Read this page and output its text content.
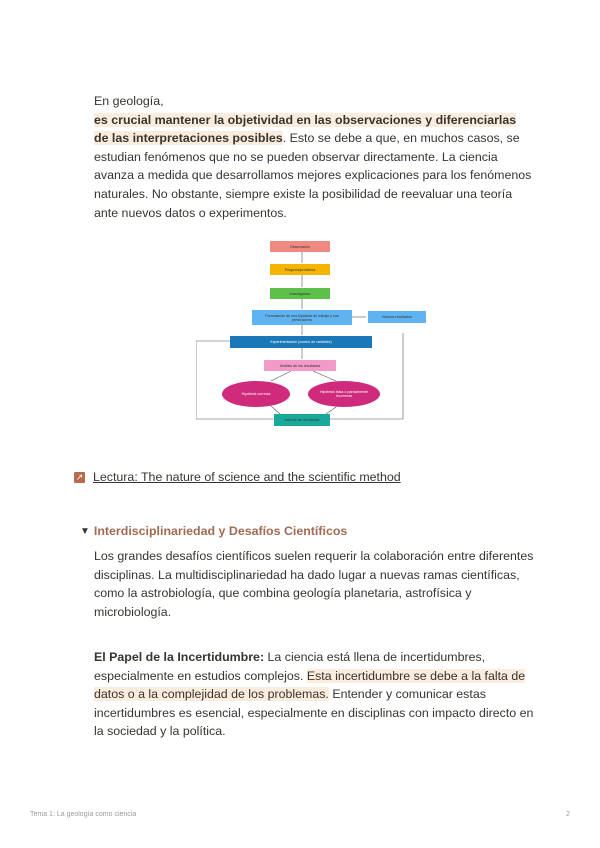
En geología,
es crucial mantener la objetividad en las observaciones y diferenciarlas de las interpretaciones posibles. Esto se debe a que, en muchos casos, se estudian fenómenos que no se pueden observar directamente. La ciencia avanza a medida que desarrollamos mejores explicaciones para los fenómenos naturales. No obstante, siempre existe la posibilidad de reevaluar una teoría ante nuevos datos o experimentos.

Observación
Pregunta/problema
Investigación
Formulación de una hipótesis de trabajo y sus predicciones
Nuevos resultados
Experimentación (control de variables)
Análisis de los resultados
Hipótesis correcta	Hipótesis falsa o parcialmente incorrecta
Informe de resultados
↗ Lectura: The nature of science and the scientific method
▼ Interdisciplinariedad y Desafíos Científicos

Los grandes desafíos científicos suelen requerir la colaboración entre diferentes disciplinas. La multidisciplinariedad ha dado lugar a nuevas ramas científicas, como la astrobiología, que combina geología planetaria, astrofísica y microbiología.

El Papel de la Incertidumbre: La ciencia está llena de incertidumbres, especialmente en estudios complejos. Esta incertidumbre se debe a la falta de datos o a la complejidad de los problemas. Entender y comunicar estas incertidumbres es esencial, especialmente en disciplinas con impacto directo en la sociedad y la política.

Tema 1: La geología como ciencia	2
